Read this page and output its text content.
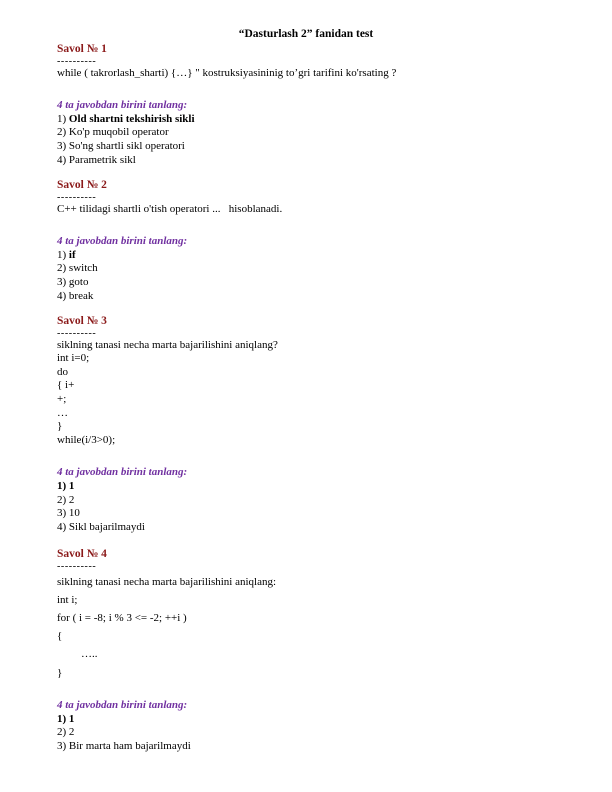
“Dasturlash 2” fanidan test
Savol № 1
----------
while ( takrorlash_sharti) {…} " kostruksiyasininig to’gri tarifini ko'rsating ?
4 ta javobdan birini tanlang:
1) Old shartni tekshirish sikli
2) Ko'p muqobil operator
3) So'ng shartli sikl operatori
4) Parametrik sikl
Savol № 2
----------
C++ tilidagi shartli o'tish operatori ...   hisoblanadi.
4 ta javobdan birini tanlang:
1) if
2) switch
3) goto
4) break
Savol № 3
----------
siklning tanasi necha marta bajarilishini aniqlang?
int i=0;
do
{ i+
+;
…
}
while(i/3>0);
4 ta javobdan birini tanlang:
1) 1
2) 2
3) 10
4) Sikl bajarilmaydi
Savol № 4
----------
siklning tanasi necha marta bajarilishini aniqlang:
int i;
for ( i = -8; i % 3 <= -2; ++i )
{
…..
}
4 ta javobdan birini tanlang:
1) 1
2) 2
3) Bir marta ham bajarilmaydi
